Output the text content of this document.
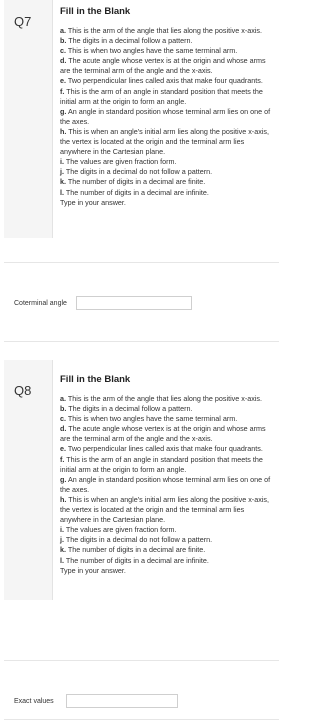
Q7
Fill in the Blank
a. This is the arm of the angle that lies along the positive x-axis.
b. The digits in a decimal follow a pattern.
c. This is when two angles have the same terminal arm.
d. The acute angle whose vertex is at the origin and whose arms are the terminal arm of the angle and the x-axis.
e. Two perpendicular lines called axis that make four quadrants.
f. This is the arm of an angle in standard position that meets the initial arm at the origin to form an angle.
g. An angle in standard position whose terminal arm lies on one of the axes.
h. This is when an angle's initial arm lies along the positive x-axis, the vertex is located at the origin and the terminal arm lies anywhere in the Cartesian plane.
i. The values are given fraction form.
j. The digits in a decimal do not follow a pattern.
k. The number of digits in a decimal are finite.
l. The number of digits in a decimal are infinite.
Type in your answer.
Coterminal angle
Q8
Fill in the Blank
a. This is the arm of the angle that lies along the positive x-axis.
b. The digits in a decimal follow a pattern.
c. This is when two angles have the same terminal arm.
d. The acute angle whose vertex is at the origin and whose arms are the terminal arm of the angle and the x-axis.
e. Two perpendicular lines called axis that make four quadrants.
f. This is the arm of an angle in standard position that meets the initial arm at the origin to form an angle.
g. An angle in standard position whose terminal arm lies on one of the axes.
h. This is when an angle's initial arm lies along the positive x-axis, the vertex is located at the origin and the terminal arm lies anywhere in the Cartesian plane.
i. The values are given fraction form.
j. The digits in a decimal do not follow a pattern.
k. The number of digits in a decimal are finite.
l. The number of digits in a decimal are infinite.
Type in your answer.
Exact values
